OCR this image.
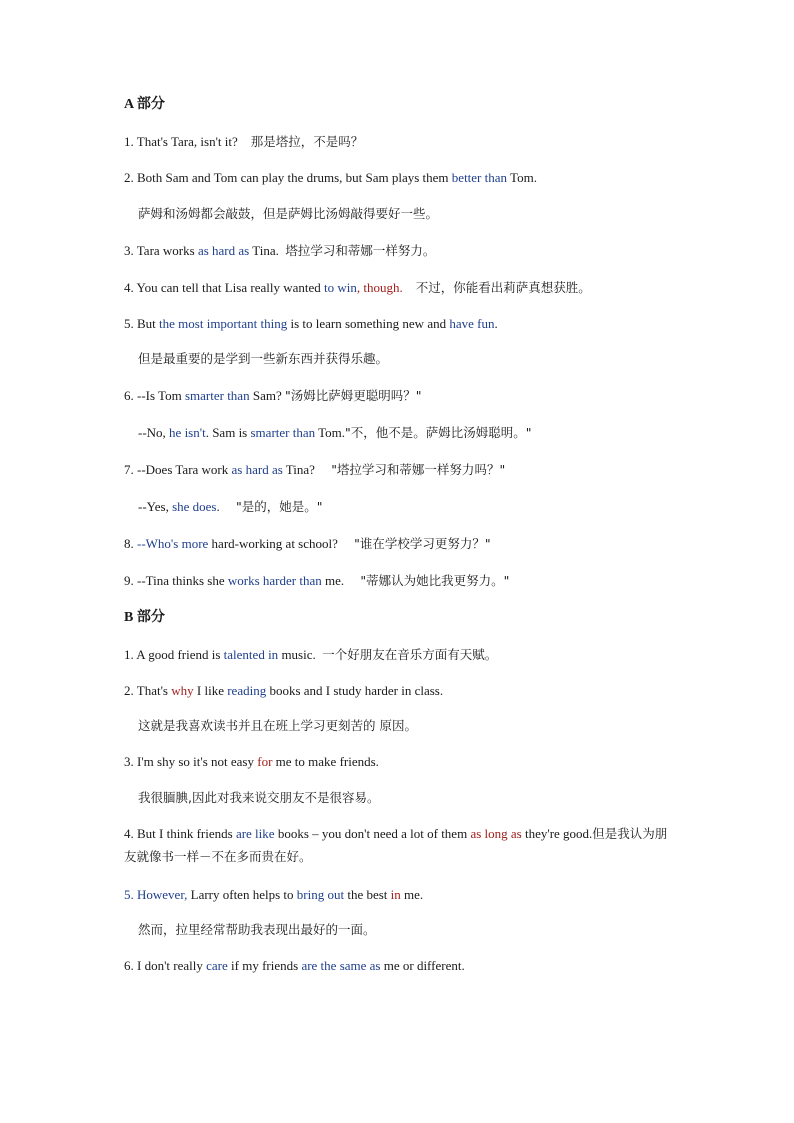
A 部分
1. That's Tara, isn't it? 那是塔拉，不是吗？
2. Both Sam and Tom can play the drums, but Sam plays them better than Tom.
萨姆和汤姆都会敲鼓，但是萨姆比汤姆敲得要好一些。
3. Tara works as hard as Tina. 塔拉学习和蒂娜一样努力。
4. You can tell that Lisa really wanted to win, though. 不过，你能看出莉萨真想获胜。
5. But the most important thing is to learn something new and have fun.
但是最重要的是学到一些新东西并获得乐趣。
6. --Is Tom smarter than Sam? "汤姆比萨姆更聪明吗？"
--No, he isn't. Sam is smarter than Tom."不，他不是。萨姆比汤姆聪明。"
7. --Does Tara work as hard as Tina? "塔拉学习和蒂娜一样努力吗？"
--Yes, she does. "是的，她是。"
8. --Who's more hard-working at school? "谁在学校学习更努力？"
9. --Tina thinks she works harder than me. "蒂娜认为她比我更努力。"
B 部分
1. A good friend is talented in music. 一个好朋友在音乐方面有天赋。
2. That's why I like reading books and I study harder in class.
这就是我喜欢读书并且在班上学习更刻苦的 原因。
3. I'm shy so it's not easy for me to make friends.
我很腼腆,因此对我来说交朋友不是很容易。
4. But I think friends are like books – you don't need a lot of them as long as they're good.但是我认为朋友就像书一样－不在多而贵在好。
5. However, Larry often helps to bring out the best in me.
然而，拉里经常帮助我表现出最好的一面。
6. I don't really care if my friends are the same as me or different.
